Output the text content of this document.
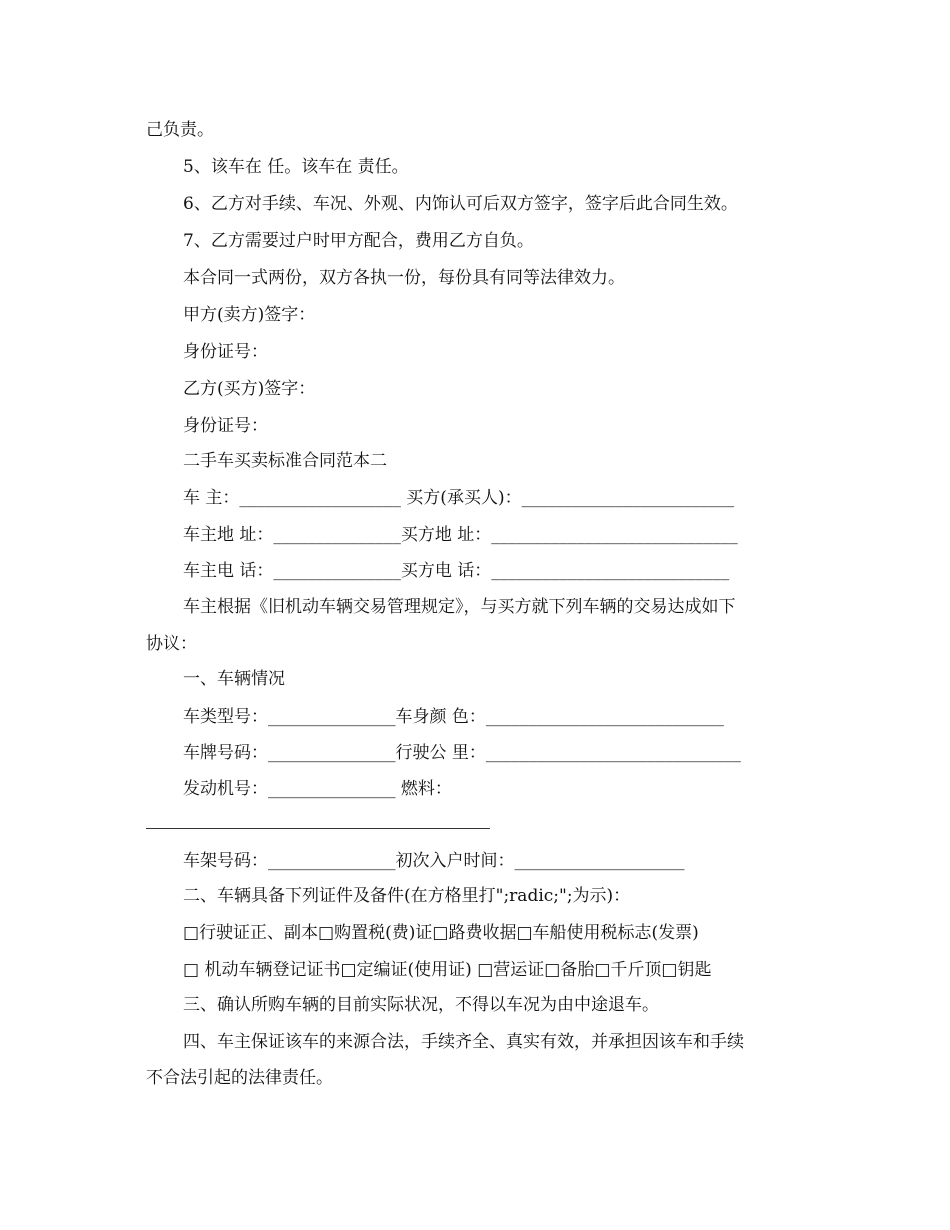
己负责。
5、该车在 任。该车在 责任。
6、乙方对手续、车况、外观、内饰认可后双方签字，签字后此合同生效。
7、乙方需要过户时甲方配合，费用乙方自负。
本合同一式两份，双方各执一份，每份具有同等法律效力。
甲方(卖方)签字：
身份证号：
乙方(买方)签字：
身份证号：
二手车买卖标准合同范本二
车 主：___________________ 买方(承买人)：_________________________
车主地 址：_______________买方地 址：_____________________________
车主电 话：_______________买方电 话：____________________________
车主根据《旧机动车辆交易管理规定》，与买方就下列车辆的交易达成如下
协议：
一、车辆情况
车类型号：_______________车身颜 色：____________________________
车牌号码：_______________行驶公 里：______________________________
发动机号：_______________ 燃料：
车架号码：_______________初次入户时间：____________________
二、车辆具备下列证件及备件(在方格里打";radic;";为示)：
□行驶证正、副本□购置税(费)证□路费收据□车船使用税标志(发票)
□ 机动车辆登记证书□定编证(使用证) □营运证□备胎□千斤顶□钥匙
三、确认所购车辆的目前实际状况，不得以车况为由中途退车。
四、车主保证该车的来源合法，手续齐全、真实有效，并承担因该车和手续
不合法引起的法律责任。
